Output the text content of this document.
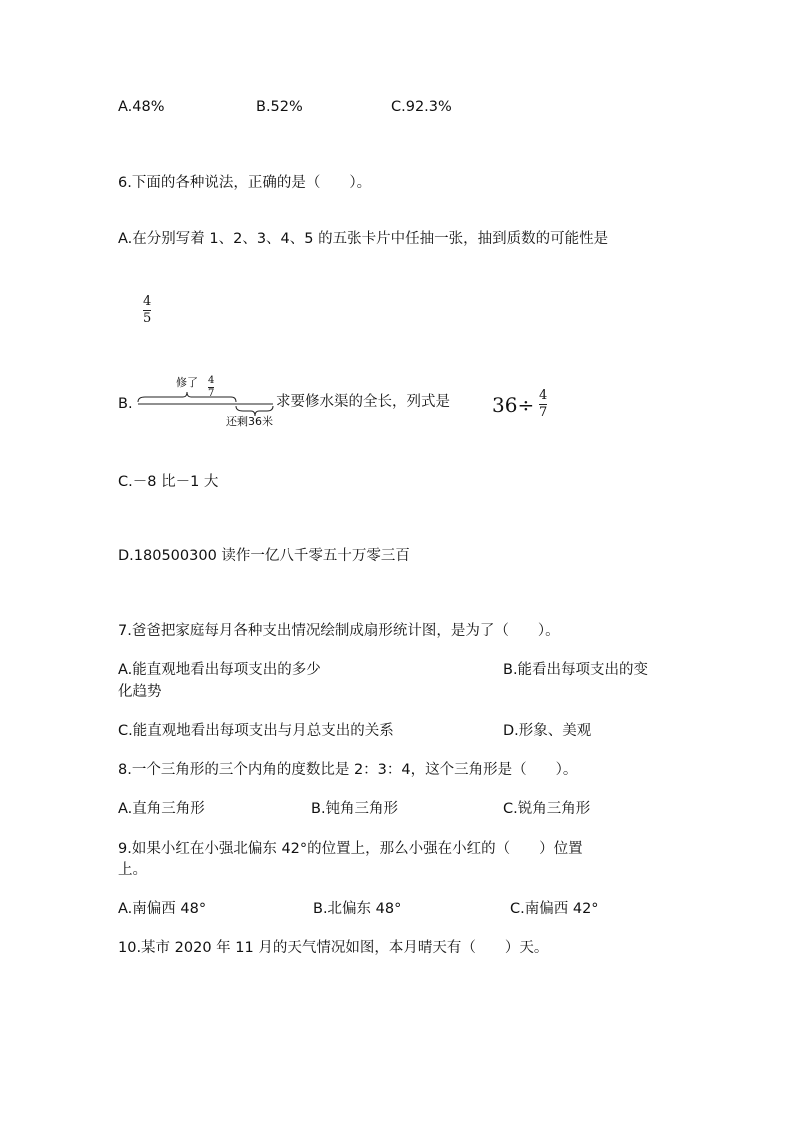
A.48%	B.52%	C.92.3%
6.下面的各种说法，正确的是（　　）。
A.在分别写着 1、2、3、4、5 的五张卡片中任抽一张，抽到质数的可能性是
4
5
B.
修了 4
7
还剩36米
求要修水渠的全长，列式是 36÷ 4
7
C.－8 比－1 大
D.180500300 读作一亿八千零五十万零三百
7.爸爸把家庭每月各种支出情况绘制成扇形统计图，是为了（　　）。
A.能直观地看出每项支出的多少	B.能看出每项支出的变
化趋势
C.能直观地看出每项支出与月总支出的关系	D.形象、美观
8.一个三角形的三个内角的度数比是 2：3：4，这个三角形是（　　）。
A.直角三角形	B.钝角三角形	C.锐角三角形
9.如果小红在小强北偏东 42°的位置上，那么小强在小红的（　　）位置
上。
A.南偏西 48°	B.北偏东 48°	C.南偏西 42°
10.某市 2020 年 11 月的天气情况如图，本月晴天有（　　）天。
